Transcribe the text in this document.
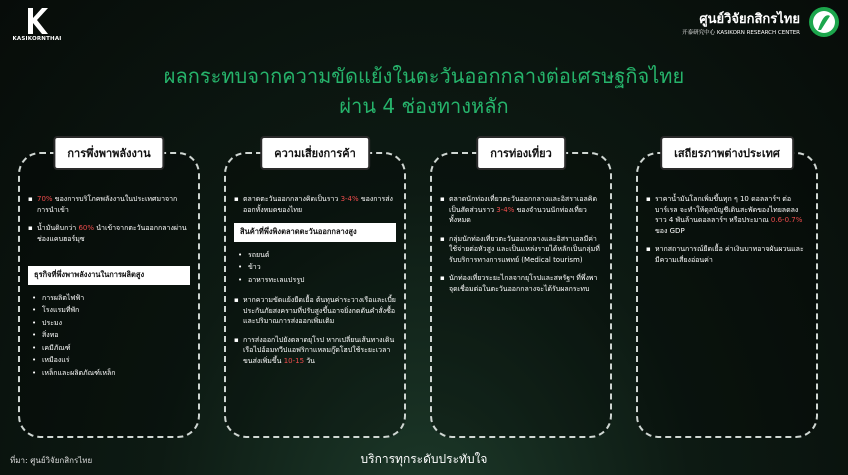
KASIKORNTHAI
ศูนย์วิจัยกสิกรไทย
开泰研究中心 KASIKORN RESEARCH CENTER
ผลกระทบจากความขัดแย้งในตะวันออกกลางต่อเศรษฐกิจไทย
ผ่าน 4 ช่องทางหลัก
การพึ่งพาพลังงาน
▪ 70% ของการบริโภคพลังงานในประเทศมาจากการนำเข้า
▪ น้ำมันดิบกว่า 60% นำเข้าจากตะวันออกกลางผ่านช่องแคบฮอร์มุซ
ธุรกิจที่พึ่งพาพลังงานในการผลิตสูง
• การผลิตไฟฟ้า
• โรงแรมที่พัก
• ประมง
• สิ่งทอ
• เคมีภัณฑ์
• เหมืองแร่
• เหล็กและผลิตภัณฑ์เหล็ก
ความเสี่ยงการค้า
▪ ตลาดตะวันออกกลางคิดเป็นราว 3-4% ของการส่งออกทั้งหมดของไทย
สินค้าที่พึ่งพิงตลาดตะวันออกกลางสูง
• รถยนต์
• ข้าว
• อาหารทะเลแปรรูป
▪ หากความขัดแย้งยืดเยื้อ ต้นทุนค่าระวางเรือและเบี้ยประกันภัยสงครามที่ปรับสูงขึ้นอาจยิ่งกดดันคำสั่งซื้อและปริมาณการส่งออกเพิ่มเติม
▪ การส่งออกไปยังตลาดยุโรป หากเปลี่ยนเส้นทางเดินเรือไปอ้อมทวีปแอฟริกาแหลมกู๊ดโฮปใช้ระยะเวลาขนส่งเพิ่มขึ้น 10-15 วัน
การท่องเที่ยว
▪ ตลาดนักท่องเที่ยวตะวันออกกลางและอิสราเอลคิดเป็นสัดส่วนราว 3-4% ของจำนวนนักท่องเที่ยวทั้งหมด
▪ กลุ่มนักท่องเที่ยวตะวันออกกลางและอิสราเอลมีค่าใช้จ่ายต่อหัวสูง และเป็นแหล่งรายได้หลักเป็นกลุ่มที่รับบริการทางการแพทย์ (Medical tourism)
▪ นักท่องเที่ยวระยะไกลจากยุโรปและสหรัฐฯ ที่พึ่งพาจุดเชื่อมต่อในตะวันออกกลางจะได้รับผลกระทบ
เสถียรภาพต่างประเทศ
▪ ราคาน้ำมันโลกเพิ่มขึ้นทุก ๆ 10 ดอลลาร์ฯ ต่อบาร์เรล จะทำให้ดุลบัญชีเดินสะพัดของไทยลดลงราว 4 พันล้านดอลลาร์ฯ หรือประมาณ 0.6-0.7% ของ GDP
▪ หากสถานการณ์ยืดเยื้อ ค่าเงินบาทอาจผันผวนและมีความเสี่ยงอ่อนค่า
ที่มา: ศูนย์วิจัยกสิกรไทย	บริการทุกระดับประทับใจ
